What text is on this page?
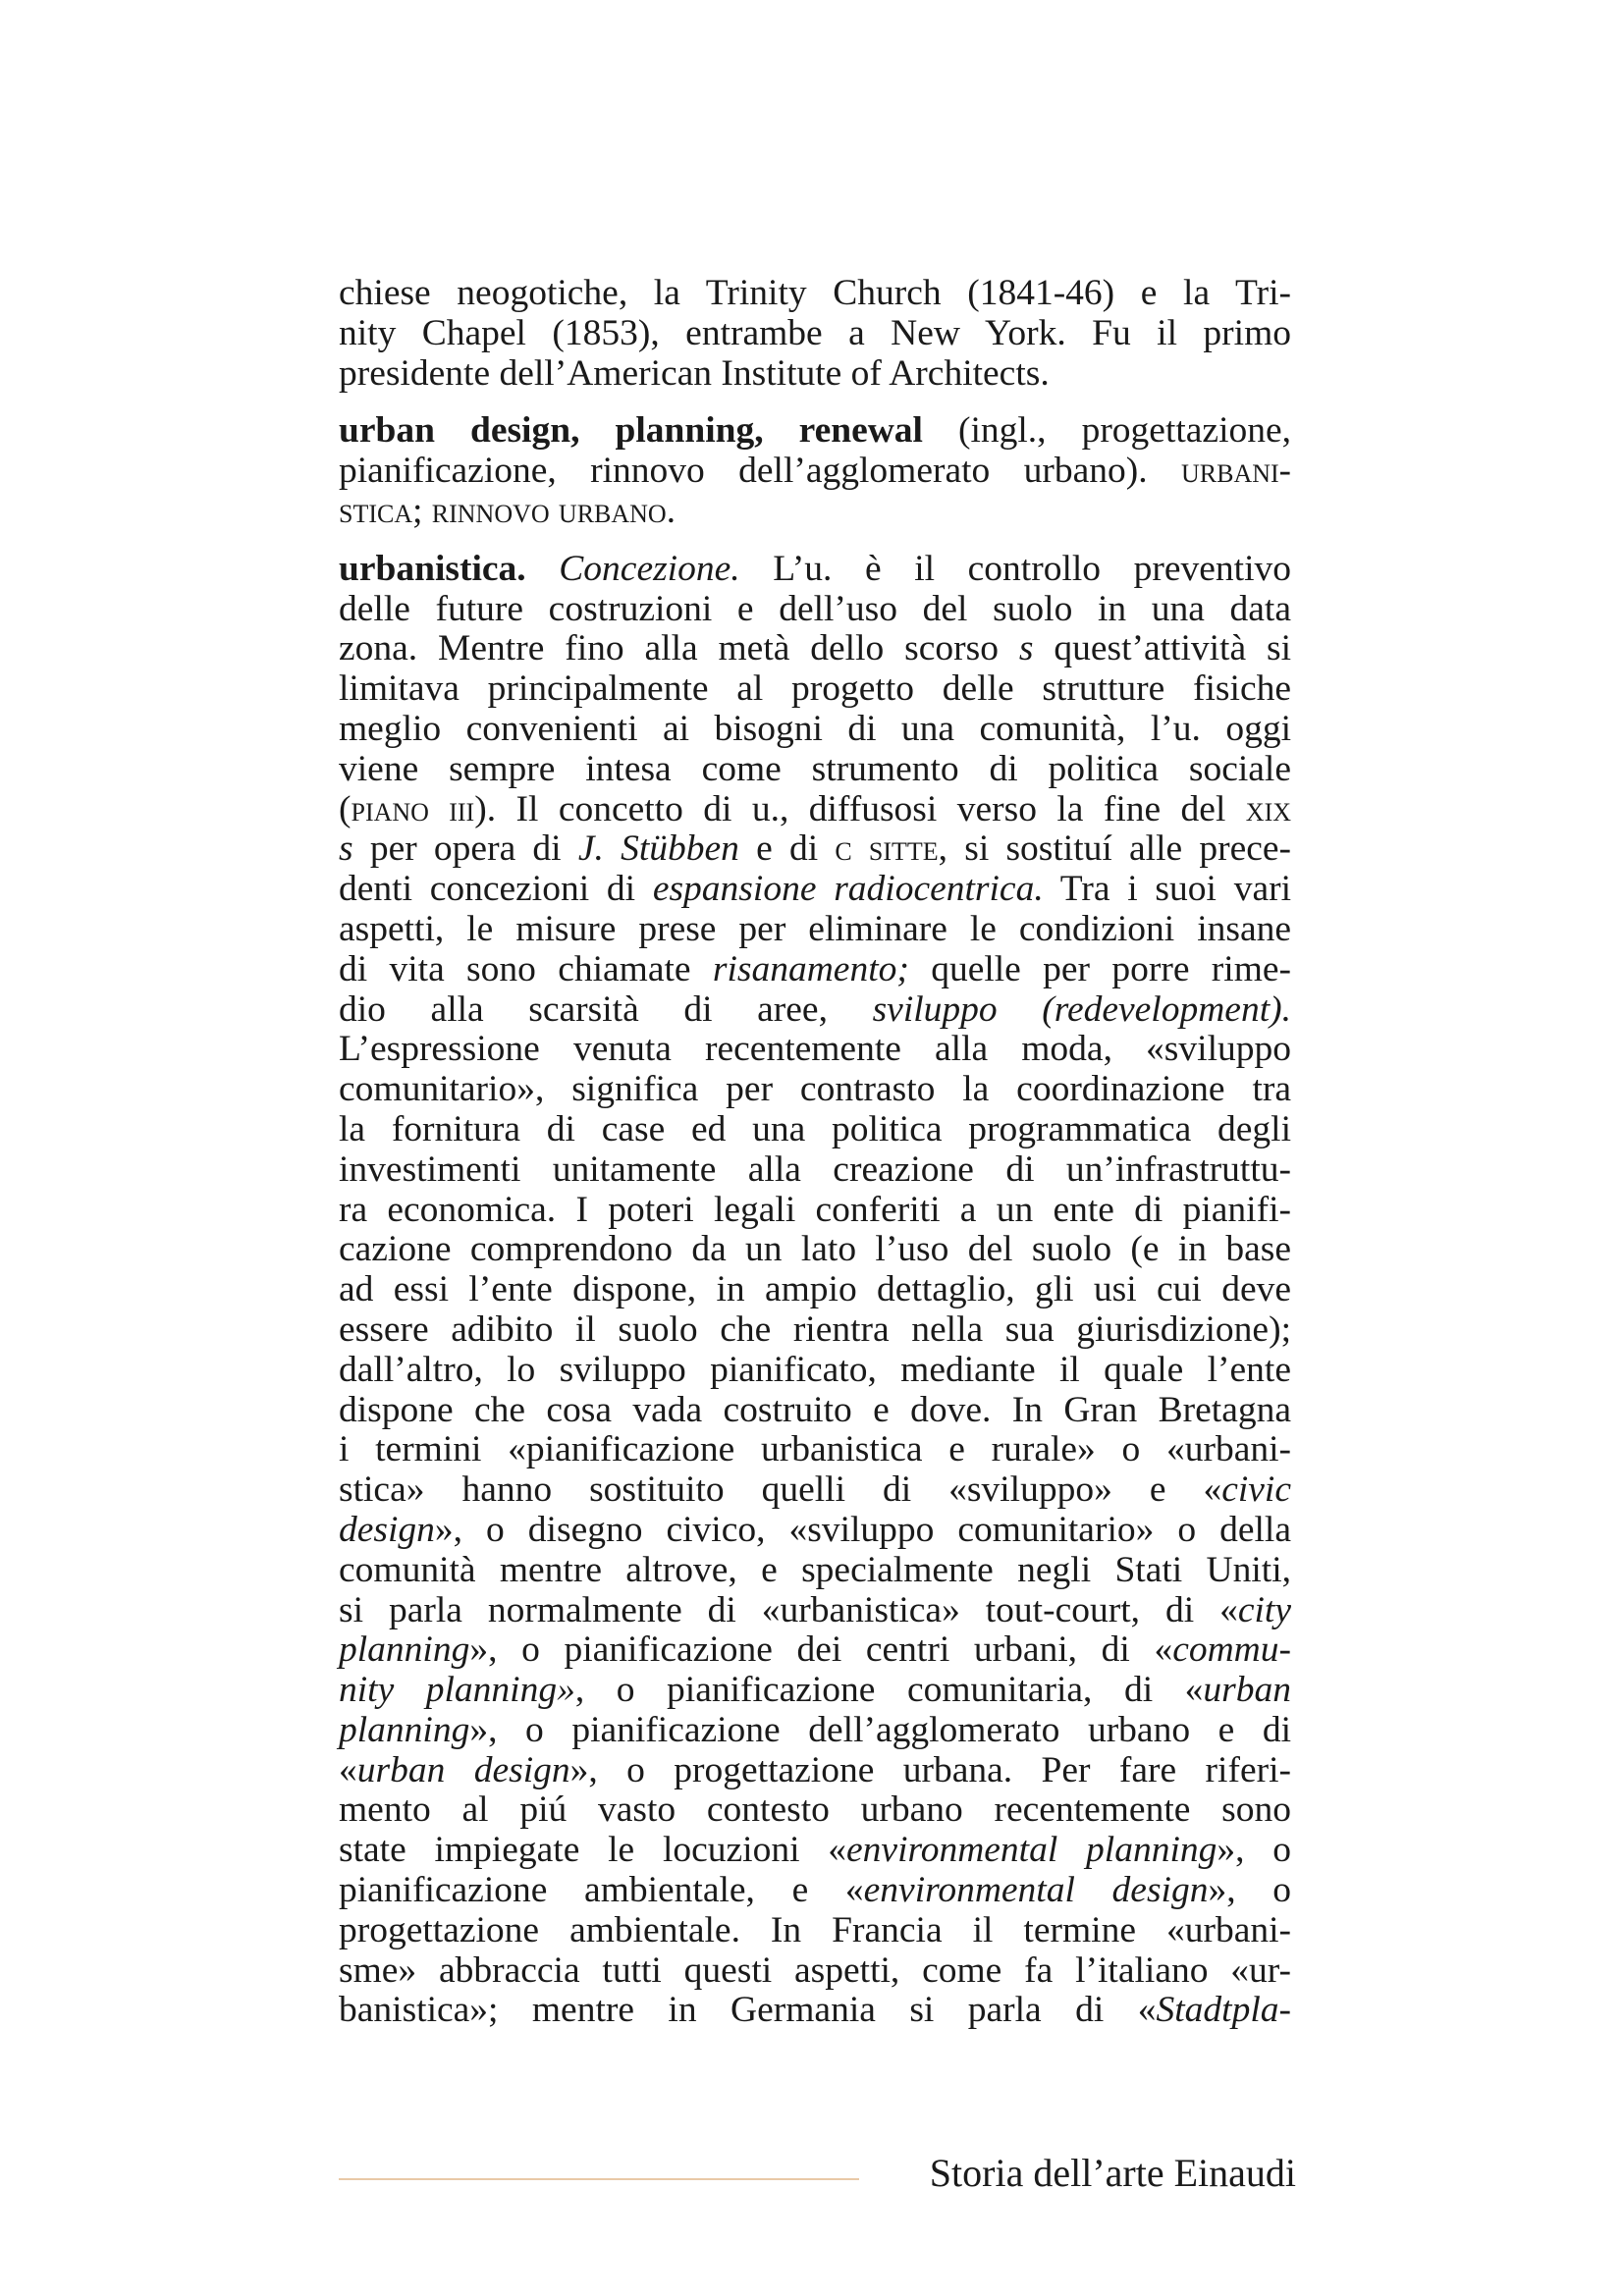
chiese neogotiche, la Trinity Church (1841-46) e la Tri-
nity Chapel (1853), entrambe a New York. Fu il primo
presidente dell’American Institute of Architects.

urban design, planning, renewal (ingl., progettazione,
pianificazione, rinnovo dell’agglomerato urbano). urbani-
stica; rinnovo urbano.

urbanistica. Concezione. L’u. è il controllo preventivo
delle future costruzioni e dell’uso del suolo in una data
zona. Mentre fino alla metà dello scorso s quest’attività si
limitava principalmente al progetto delle strutture fisiche
meglio convenienti ai bisogni di una comunità, l’u. oggi
viene sempre intesa come strumento di politica sociale
(piano iii). Il concetto di u., diffusosi verso la fine del xix
s per opera di J. Stübben e di c sitte, si sostituí alle prece-
denti concezioni di espansione radiocentrica. Tra i suoi vari
aspetti, le misure prese per eliminare le condizioni insane
di vita sono chiamate risanamento; quelle per porre rime-
dio alla scarsità di aree, sviluppo (redevelopment).
L’espressione venuta recentemente alla moda, «sviluppo
comunitario», significa per contrasto la coordinazione tra
la fornitura di case ed una politica programmatica degli
investimenti unitamente alla creazione di un’infrastruttu-
ra economica. I poteri legali conferiti a un ente di pianifi-
cazione comprendono da un lato l’uso del suolo (e in base
ad essi l’ente dispone, in ampio dettaglio, gli usi cui deve
essere adibito il suolo che rientra nella sua giurisdizione);
dall’altro, lo sviluppo pianificato, mediante il quale l’ente
dispone che cosa vada costruito e dove. In Gran Bretagna
i termini «pianificazione urbanistica e rurale» o «urbani-
stica» hanno sostituito quelli di «sviluppo» e «civic
design», o disegno civico, «sviluppo comunitario» o della
comunità mentre altrove, e specialmente negli Stati Uniti,
si parla normalmente di «urbanistica» tout-court, di «city
planning», o pianificazione dei centri urbani, di «commu-
nity planning», o pianificazione comunitaria, di «urban
planning», o pianificazione dell’agglomerato urbano e di
«urban design», o progettazione urbana. Per fare riferi-
mento al piú vasto contesto urbano recentemente sono
state impiegate le locuzioni «environmental planning», o
pianificazione ambientale, e «environmental design», o
progettazione ambientale. In Francia il termine «urbani-
sme» abbraccia tutti questi aspetti, come fa l’italiano «ur-
banistica»; mentre in Germania si parla di «Stadtpla-

Storia dell’arte Einaudi
